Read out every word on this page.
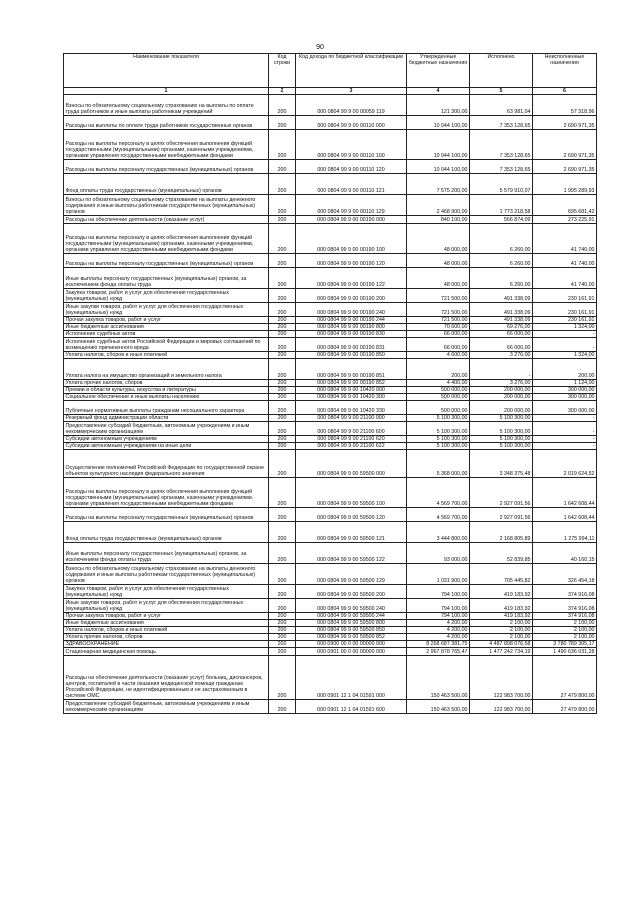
90
Наименование показателя	Код строки	Код дохода по бюджетной классификации	Утвержденные бюджетные назначения	Исполнено	Неисполненные назначения
1	2	3	4	5	6
Взносы по обязательному социальному страхованию на выплаты по оплате труда работников и иные выплаты работникам учреждений	200	000 0804 99 9 00 00059 119	121 300,00	63 981,04	57 318,96
Расходы на выплаты по оплате труда работников государственных органов	200	000 0804 99 9 00 00110 000	10 044 100,00	7 353 128,65	2 690 971,35
Расходы на выплаты персоналу в целях обеспечения выполнения функций государственными (муниципальными) органами, казенными учреждениями, органами управления государственными внебюджетными фондами	200	000 0804 99 9 00 00110 100	10 044 100,00	7 353 128,65	2 690 971,35
Расходы на выплаты персоналу государственных (муниципальных) органов	200	000 0804 99 9 00 00110 120	10 044 100,00	7 353 128,65	2 690 971,35
Фонд оплаты труда государственных (муниципальных) органов	200	000 0804 99 9 00 00110 121	7 575 200,00	5 579 910,07	1 995 289,93
Взносы по обязательному социальному страхованию на выплаты денежного содержания и иные выплаты работникам государственных (муниципальных) органов	200	000 0804 99 9 00 00110 129	2 468 900,00	1 773 218,58	695 681,42
Расходы на обеспечение деятельности (оказание услуг)	200	000 0804 99 9 00 00190 000	840 100,00	566 874,09	273 225,91
Расходы на выплаты персоналу в целях обеспечения выполнения функций государственными (муниципальными) органами, казенными учреждениями, органами управления государственными внебюджетными фондами	200	000 0804 99 9 00 00190 100	48 000,00	6 260,00	41 740,00
Расходы на выплаты персоналу государственных (муниципальных) органов	200	000 0804 99 9 00 00190 120	48 000,00	6 260,00	41 740,00
Иные выплаты персоналу государственных (муниципальных) органов, за исключением фонда оплаты труда	200	000 0804 99 9 00 00190 122	48 000,00	6 260,00	41 740,00
Закупка товаров, работ и услуг для обеспечения государственных (муниципальных) нужд	200	000 0804 99 9 00 00190 200	721 500,00	491 338,09	230 161,91
Иные закупки товаров, работ и услуг для обеспечения государственных (муниципальных) нужд	200	000 0804 99 9 00 00190 240	721 500,00	491 338,09	230 161,91
Прочая закупка товаров, работ и услуг	200	000 0804 99 9 00 00190 244	721 500,00	491 338,09	230 161,91
Иные бюджетные ассигнования	200	000 0804 99 9 00 00190 800	70 600,00	69 276,00	1 324,00
Исполнение судебных актов	200	000 0804 99 9 00 00190 830	66 000,00	66 000,00	-
Исполнение судебных актов Российской Федерации и мировых соглашений по возмещению причиненного вреда	200	000 0804 99 9 00 00190 831	66 000,00	66 000,00	-
Уплата налогов, сборов и иных платежей	200	000 0804 99 9 00 00190 850	4 600,00	3 276,00	1 324,00
Уплата налога на имущество организаций и земельного налога	200	000 0804 99 9 00 00190 851	200,00	-	200,00
Уплата прочих налогов, сборов	200	000 0804 99 9 00 00190 852	4 400,00	3 276,00	1 124,00
Премии в области культуры, искусства и литературы	200	000 0804 99 9 00 10420 000	500 000,00	200 000,00	300 000,00
Социальное обеспечение и иные выплаты населению	200	000 0804 99 9 00 10420 300	500 000,00	200 000,00	300 000,00
Публичные нормативные выплаты гражданам несоциального характера	200	000 0804 99 9 00 10420 330	500 000,00	200 000,00	300 000,00
Резервный фонд администрации области	200	000 0804 99 9 00 21100 000	5 100 300,00	5 100 300,00	-
Предоставление субсидий бюджетным, автономным учреждениям и иным некоммерческим организациям	200	000 0804 99 9 00 21100 600	5 100 300,00	5 100 300,00	-
Субсидии автономным учреждениям	200	000 0804 99 9 00 21100 620	5 100 300,00	5 100 300,00	-
Субсидии автономным учреждениям на иные цели	200	000 0804 99 9 00 21100 622	5 100 300,00	5 100 300,00	-
Осуществление полномочий Российской Федерации по государственной охране объектов культурного наследия федерального значения	200	000 0804 99 9 00 59500 000	5 368 000,00	3 348 375,48	2 019 624,52
Расходы на выплаты персоналу в целях обеспечения выполнения функций государственными (муниципальными) органами, казенными учреждениями, органами управления государственными внебюджетными фондами	200	000 0804 99 9 00 59500 100	4 569 700,00	2 927 091,56	1 642 608,44
Расходы на выплаты персоналу государственных (муниципальных) органов	200	000 0804 99 9 00 59500 120	4 569 700,00	2 927 091,56	1 642 608,44
Фонд оплаты труда государственных (муниципальных) органов	200	000 0804 99 9 00 59500 121	3 444 800,00	2 168 805,89	1 275 994,11
Иные выплаты персоналу государственных (муниципальных) органов, за исключением фонда оплаты труда	200	000 0804 99 9 00 59500 122	93 000,00	52 839,85	40 160,15
Взносы по обязательному социальному страхованию на выплаты денежного содержания и иные выплаты работникам государственных (муниципальных) органов	200	000 0804 99 9 00 59500 129	1 031 900,00	705 445,82	326 454,18
Закупка товаров, работ и услуг для обеспечения государственных (муниципальных) нужд	200	000 0804 99 9 00 59500 200	794 100,00	419 183,92	374 916,08
Иные закупки товаров, работ и услуг для обеспечения государственных (муниципальных) нужд	200	000 0804 99 9 00 59500 240	794 100,00	419 183,92	374 916,08
Прочая закупка товаров, работ и услуг	200	000 0804 99 9 00 59500 244	794 100,00	419 183,92	374 916,08
Иные бюджетные ассигнования	200	000 0804 99 9 00 59500 800	4 200,00	2 100,00	2 100,00
Уплата налогов, сборов и иных платежей	200	000 0804 99 9 00 59500 850	4 200,00	2 100,00	2 100,00
Уплата прочих налогов, сборов	200	000 0804 99 9 00 59500 852	4 200,00	2 100,00	2 100,00
ЗДРАВООХРАНЕНИЕ	200	000 0900 00 0 00 00000 000	8 268 687 381,75	4 487 898 076,58	3 780 789 305,17
Стационарная медицинская помощь	200	000 0901 00 0 00 00000 000	2 967 878 765,47	1 477 242 734,19	1 490 636 031,28
Расходы на обеспечение деятельности (оказание услуг) больниц, диспансеров, центров, госпиталей в части оказания медицинской помощи гражданам Российской Федерации, не идентифицированным и не застрахованным в системе ОМС	200	000 0901 12 1 04 01591 000	150 463 500,00	122 983 700,00	27 479 800,00
Предоставление субсидий бюджетным, автономным учреждениям и иным некоммерческим организациям	200	000 0901 12 1 04 01591 600	150 463 500,00	122 983 700,00	27 479 800,00
